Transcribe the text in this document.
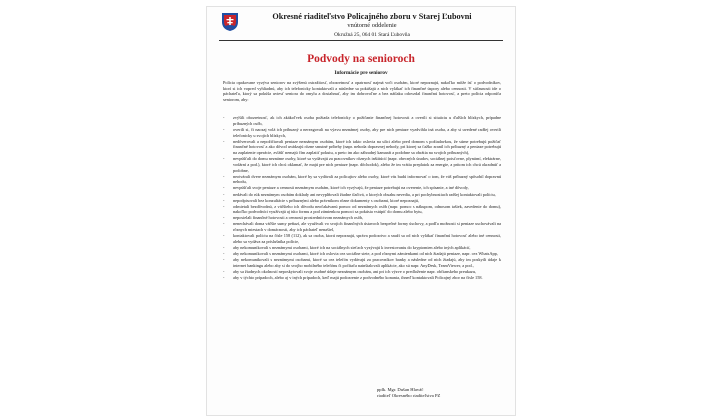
Okresné riaditeľstvo Policajného zboru v Starej Ľubovni
vnútorné oddelenie
Okružná 25, 064 01 Stará Ľubovňa
Podvody na senioroch
Informácie pre seniorov
Polícia opakovane vyzýva seniorov na zvýšenú ostražitosť, obozretnosť a opatrnosť najmä voči osobám, ktoré nepoznajú, nakoľko môže ísť o podvodníkov, ktorí si ich vopred vyhliadnú, aby ich telefonicky kontaktovali a následne sa pokúšajú z nich vylákať ich finančné úspory alebo cennosti. V súčasnosti ide o páchateľa, ktorý sa pokúša uviesť seniora do omylu a dosiahnuť, aby im dobrovoľne a bez nátlaku odovzdal finančnú hotovosť, a preto polícia odporúča seniorom, aby:
- zvýšili obozretnosť, ak ich akákoľvek osoba požiada telefonicky o požičanie finančnej hotovosti a overili si situáciu u ďalších blízkych, prípadne príbuzných osôb,
- overili si, či naozaj volá ich príbuzný a nereagovali na výzvu neznámej osoby, aby pre nich peniaze vyzdvihla iná osoba, a aby si uvedené radšej overili telefonicky u svojich blízkych,
- nedôverovali a nepožičiavali peniaze neznámym osobám, ktoré ich takto oslovia na ulici alebo pred domom s požiadavkou, že súrne potrebujú požičať finančné hotovosť a ako dôvod uvádzajú rôzne smutné príbehy (napr. nehoda dopravnej nehody, pri ktorej sa ťažko zranil ich príbuzný a peniaze potrebujú na zaplatenie operácie, zvlášť nemajú čím zaplatiť pokutu, a preto im ako záhradný kamarát a podobne sa obrátia na svojich príbuzných),
- nevpúšťali do domu neznáme osoby, ktoré sa vydávajú za pracovníkov rôznych inštitúcií (napr. obecných úradov, sociálnej poisťovne, plynární, elektrárne, vodární a pod.), ktoré ich chcú oklamať, že majú pre nich peniaze (napr. dôchodok), alebo že im vrátia preplatok za energie, a pritom ich chcú okradnúť a podobne,
- neotvárali dvere neznámym osobám, ktoré by sa vydávali za policajtov alebo osoby, ktoré vás budú informovať o tom, že váš príbuzný spôsobil dopravnú nehodu,
- nevpúšťali svoje peniaze a cennosti neznámym osobám, ktoré ich vyzývajú, že peniaze potrebujú na overenie, ich spísanie, a iné dôvody,
- nedávali do rúk neznámym osobám doklady ani nevyplňovali žiadne tlačivá, o ktorých obsahu nevedia, a pri pochybnostiach radšej kontaktovali políciu,
- nepodpisovali bez konzultácie s príbuznými alebo právnikom rôzne dokumenty s osobami, ktoré nepoznajú,
- odmietali bezdôvodnú, z väčšieho ich dôvodu neočakávanú pomoc od neznámych osôb (napr. pomoc s nákupom, odnosom tašiek, zavedenie do domu), nakoľko podvodníci využívajú aj túto formu a pod zámienkou pomoci sa pokúsia vstúpiť do domu alebo bytu,
- neposielali finančné hotovosti a cennosti prostredníctvom neznámych osôb,
- nenechávali doma väčšie sumy peňazí, ale využívali vo svojich finančných ústavoch bezpečné formy úschovy, a podľa možnosti si peniaze uschovávali na rôznych miestach v domácnosti, aby ich páchateľ nenašiel,
- kontaktovali políciu na čísle 158 (112), ak sa osoba, ktorú nepoznajú, správa podozrivo a snaží sa od nich vylákať finančnú hotovosť alebo iné cennosti, alebo sa vydáva za príslušníka polície,
- aby nekomunikovali s neznámymi osobami, ktoré ich na sociálnych sieťach vyzývajú k investovaniu do kryptomien alebo iných aplikácií,
- aby nekomunikovali s neznámymi osobami, ktoré ich oslovia cez sociálne siete, a pod rôznymi zámienkami od nich žiadajú peniaze, napr. cez WhatsApp,
- aby nekomunikovali s neznámymi osobami, ktoré sa cez telefón vydávajú za pracovníkov banky a následne od nich žiadajú, aby im poskytli údaje k internet bankingu alebo aby si do svojho mobilného telefónu či počítača nainštalovali aplikácie, ako sú napr. AnyDesk, TeamViewer, a pod.,
- aby sa žiadnych okolností neposkytovali svoje osobné údaje neznámym osobám, ani pri ich výzve o predloženie napr. občianskeho preukazu,
- aby v týchto prípadoch, alebo aj v iných prípadoch, keď majú podozrenie z podvodného konania, ihneď kontaktovali Policajný zbor na čísle 158.
pplk. Mgr. Dušan Hlaváč
riaditeľ Okresného riaditeľstva PZ
